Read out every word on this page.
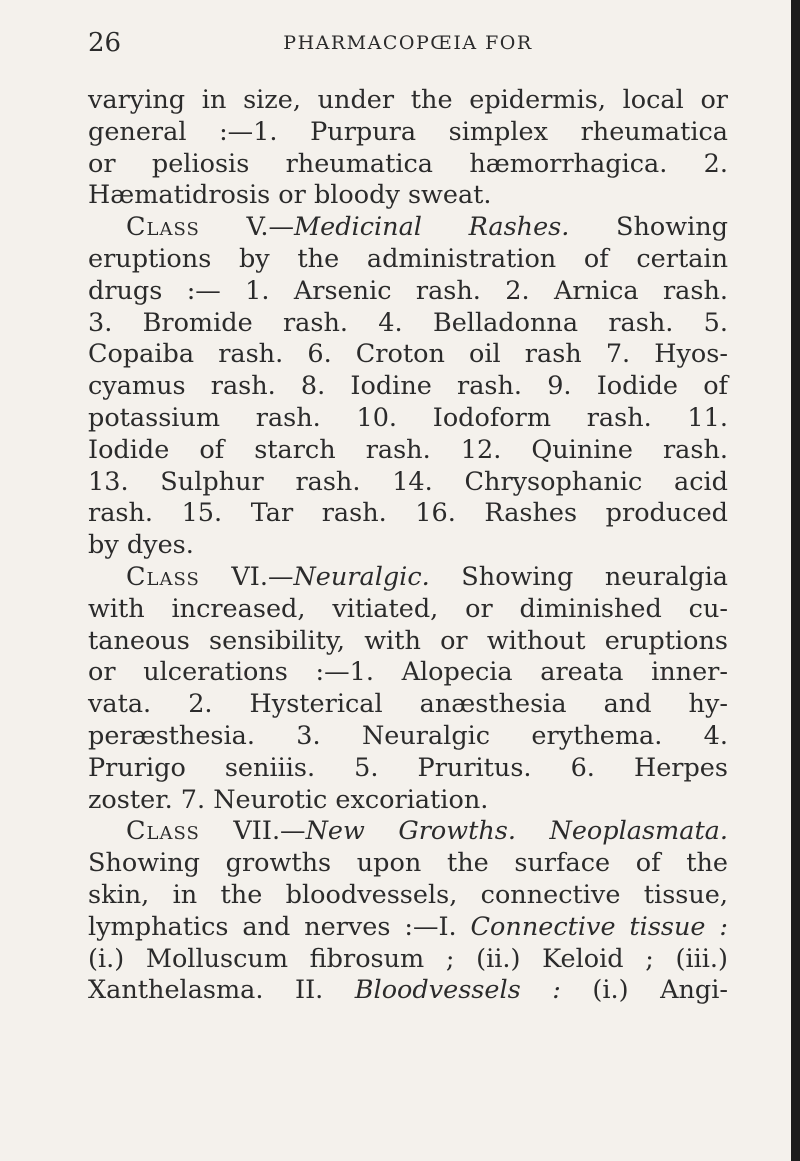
26	PHARMACOPŒIA FOR
varying in size, under the epidermis, local or
general :—1. Purpura simplex rheumatica
or peliosis rheumatica hæmorrhagica. 2.
Hæmatidrosis or bloody sweat.
Class V.—Medicinal Rashes. Showing
eruptions by the administration of certain
drugs :— 1. Arsenic rash. 2. Arnica rash.
3. Bromide rash. 4. Belladonna rash. 5.
Copaiba rash. 6. Croton oil rash 7. Hyos-
cyamus rash. 8. Iodine rash. 9. Iodide of
potassium rash. 10. Iodoform rash. 11.
Iodide of starch rash. 12. Quinine rash.
13. Sulphur rash. 14. Chrysophanic acid
rash. 15. Tar rash. 16. Rashes produced
by dyes.
Class VI.—Neuralgic. Showing neuralgia
with increased, vitiated, or diminished cu-
taneous sensibility, with or without eruptions
or ulcerations :—1. Alopecia areata inner-
vata. 2. Hysterical anæsthesia and hy-
peræsthesia. 3. Neuralgic erythema. 4.
Prurigo seniiis. 5. Pruritus. 6. Herpes
zoster. 7. Neurotic excoriation.
Class VII.—New Growths. Neoplasmata.
Showing growths upon the surface of the
skin, in the bloodvessels, connective tissue,
lymphatics and nerves :—I. Connective tissue :
(i.) Molluscum fibrosum ; (ii.) Keloid ; (iii.)
Xanthelasma. II. Bloodvessels : (i.) Angi-
